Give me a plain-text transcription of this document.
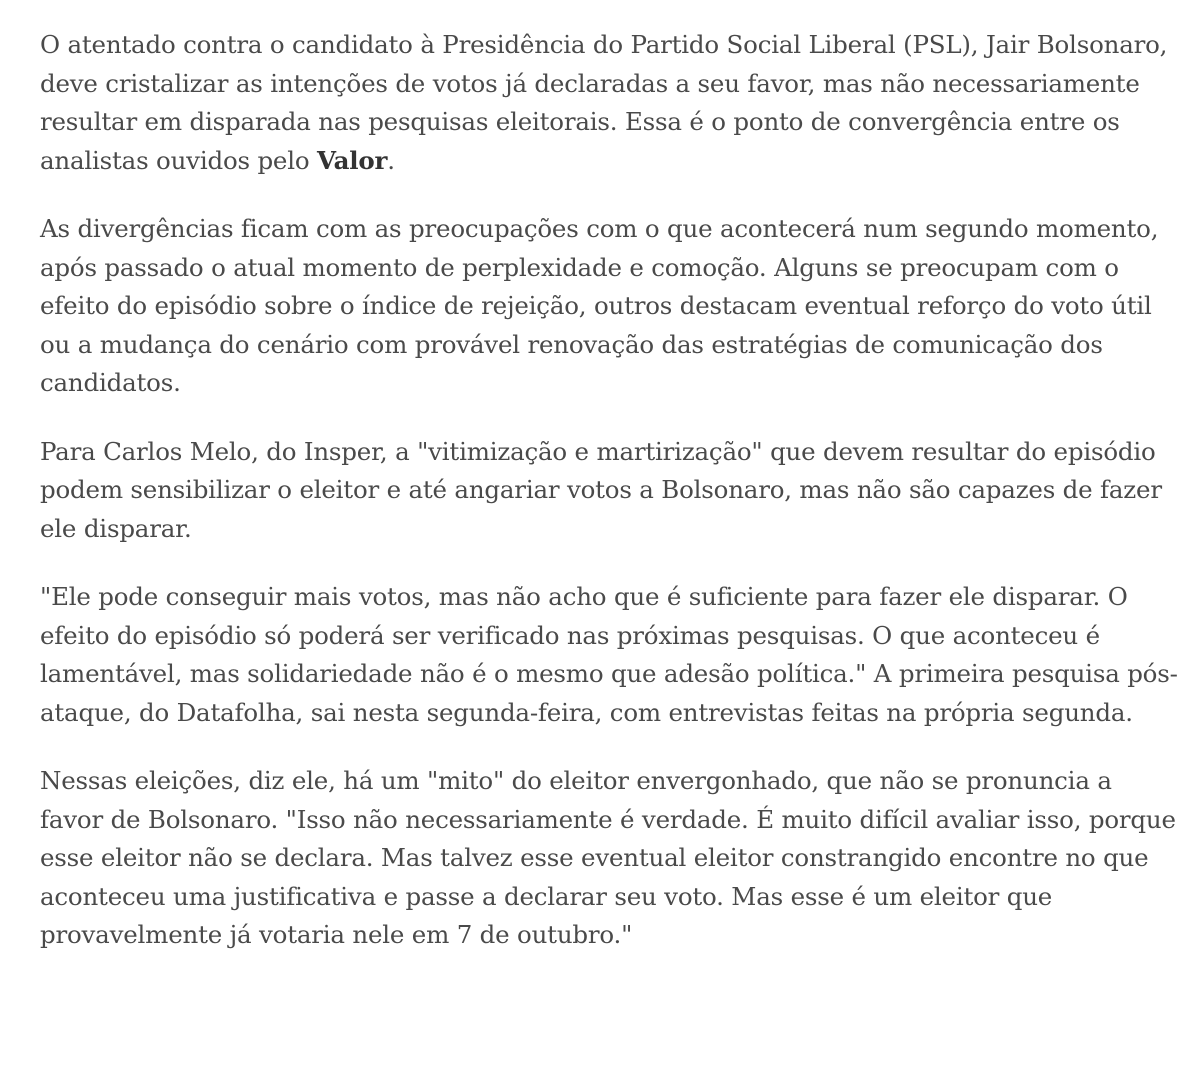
O atentado contra o candidato à Presidência do Partido Social Liberal (PSL), Jair Bolsonaro, deve cristalizar as intenções de votos já declaradas a seu favor, mas não necessariamente resultar em disparada nas pesquisas eleitorais. Essa é o ponto de convergência entre os analistas ouvidos pelo Valor.

As divergências ficam com as preocupações com o que acontecerá num segundo momento, após passado o atual momento de perplexidade e comoção. Alguns se preocupam com o efeito do episódio sobre o índice de rejeição, outros destacam eventual reforço do voto útil ou a mudança do cenário com provável renovação das estratégias de comunicação dos candidatos.

Para Carlos Melo, do Insper, a "vitimização e martirização" que devem resultar do episódio podem sensibilizar o eleitor e até angariar votos a Bolsonaro, mas não são capazes de fazer ele disparar.

"Ele pode conseguir mais votos, mas não acho que é suficiente para fazer ele disparar. O efeito do episódio só poderá ser verificado nas próximas pesquisas. O que aconteceu é lamentável, mas solidariedade não é o mesmo que adesão política." A primeira pesquisa pós-ataque, do Datafolha, sai nesta segunda-feira, com entrevistas feitas na própria segunda.

Nessas eleições, diz ele, há um "mito" do eleitor envergonhado, que não se pronuncia a favor de Bolsonaro. "Isso não necessariamente é verdade. É muito difícil avaliar isso, porque esse eleitor não se declara. Mas talvez esse eventual eleitor constrangido encontre no que aconteceu uma justificativa e passe a declarar seu voto. Mas esse é um eleitor que provavelmente já votaria nele em 7 de outubro."
